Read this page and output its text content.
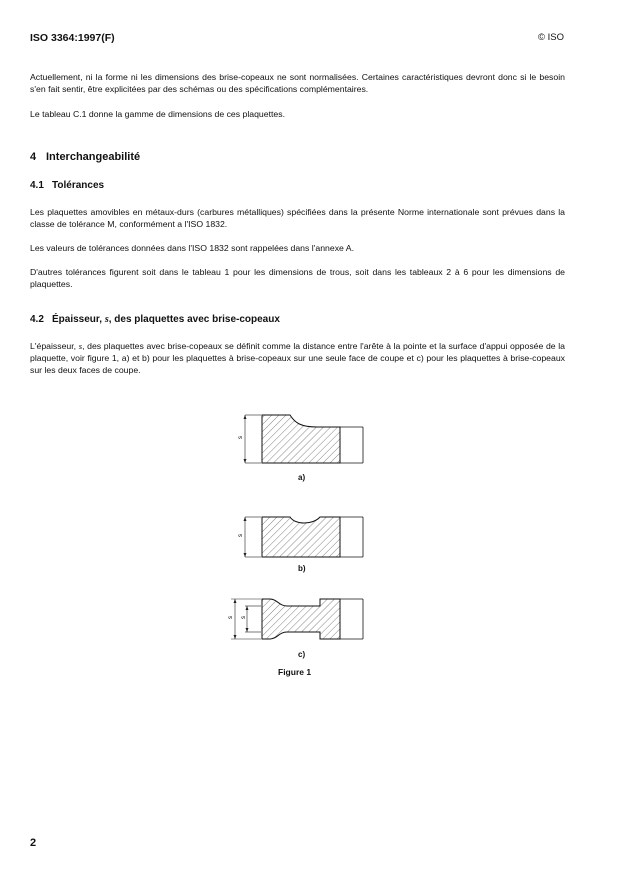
ISO 3364:1997(F)	© ISO
Actuellement, ni la forme ni les dimensions des brise-copeaux ne sont normalisées. Certaines caractéristiques devront donc si le besoin s'en fait sentir, être explicitées par des schémas ou des spécifications complémentaires.
Le tableau C.1 donne la gamme de dimensions de ces plaquettes.
4 Interchangeabilité
4.1 Tolérances
Les plaquettes amovibles en métaux-durs (carbures métalliques) spécifiées dans la présente Norme internationale sont prévues dans la classe de tolérance M, conformément a l'ISO 1832.
Les valeurs de tolérances données dans l'ISO 1832 sont rappelées dans l'annexe A.
D'autres tolérances figurent soit dans le tableau 1 pour les dimensions de trous, soit dans les tableaux 2 à 6 pour les dimensions de plaquettes.
4.2 Épaisseur, s, des plaquettes avec brise-copeaux
L'épaisseur, s, des plaquettes avec brise-copeaux se définit comme la distance entre l'arête à la pointe et la surface d'appui opposée de la plaquette, voir figure 1, a) et b) pour les plaquettes à brise-copeaux sur une seule face de coupe et c) pour les plaquettes à brise-copeaux sur les deux faces de coupe.
s
a)
s
b)
s s
c)
Figure 1
2
